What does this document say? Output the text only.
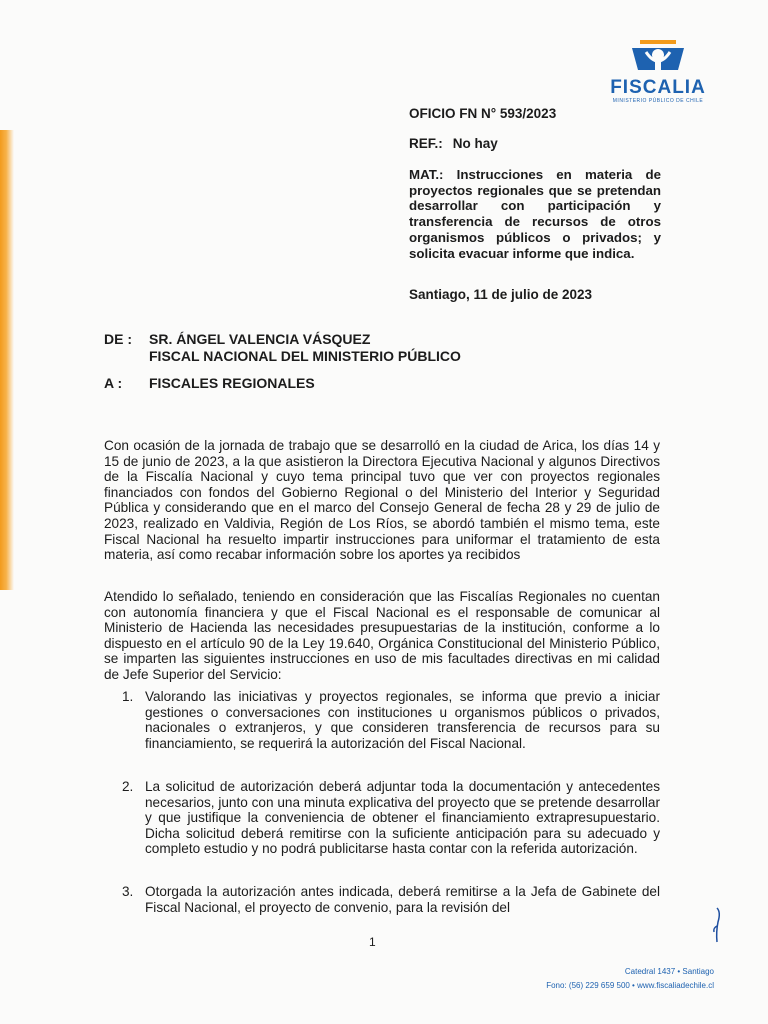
FISCALIA
MINISTERIO PÚBLICO DE CHILE
OFICIO FN N° 593/2023
REF.: No hay
MAT.: Instrucciones en materia de proyectos regionales que se pretendan desarrollar con participación y transferencia de recursos de otros organismos públicos o privados; y solicita evacuar informe que indica.
Santiago, 11 de julio de 2023
DE : SR. ÁNGEL VALENCIA VÁSQUEZ
FISCAL NACIONAL DEL MINISTERIO PÚBLICO
A : FISCALES REGIONALES
Con ocasión de la jornada de trabajo que se desarrolló en la ciudad de Arica, los días 14 y 15 de junio de 2023, a la que asistieron la Directora Ejecutiva Nacional y algunos Directivos de la Fiscalía Nacional y cuyo tema principal tuvo que ver con proyectos regionales financiados con fondos del Gobierno Regional o del Ministerio del Interior y Seguridad Pública y considerando que en el marco del Consejo General de fecha 28 y 29 de julio de 2023, realizado en Valdivia, Región de Los Ríos, se abordó también el mismo tema, este Fiscal Nacional ha resuelto impartir instrucciones para uniformar el tratamiento de esta materia, así como recabar información sobre los aportes ya recibidos
Atendido lo señalado, teniendo en consideración que las Fiscalías Regionales no cuentan con autonomía financiera y que el Fiscal Nacional es el responsable de comunicar al Ministerio de Hacienda las necesidades presupuestarias de la institución, conforme a lo dispuesto en el artículo 90 de la Ley 19.640, Orgánica Constitucional del Ministerio Público, se imparten las siguientes instrucciones en uso de mis facultades directivas en mi calidad de Jefe Superior del Servicio:
1. Valorando las iniciativas y proyectos regionales, se informa que previo a iniciar gestiones o conversaciones con instituciones u organismos públicos o privados, nacionales o extranjeros, y que consideren transferencia de recursos para su financiamiento, se requerirá la autorización del Fiscal Nacional.
2. La solicitud de autorización deberá adjuntar toda la documentación y antecedentes necesarios, junto con una minuta explicativa del proyecto que se pretende desarrollar y que justifique la conveniencia de obtener el financiamiento extrapresupuestario. Dicha solicitud deberá remitirse con la suficiente anticipación para su adecuado y completo estudio y no podrá publicitarse hasta contar con la referida autorización.
3. Otorgada la autorización antes indicada, deberá remitirse a la Jefa de Gabinete del Fiscal Nacional, el proyecto de convenio, para la revisión del
1
Catedral 1437 • Santiago
Fono: (56) 229 659 500 • www.fiscaliadechile.cl
